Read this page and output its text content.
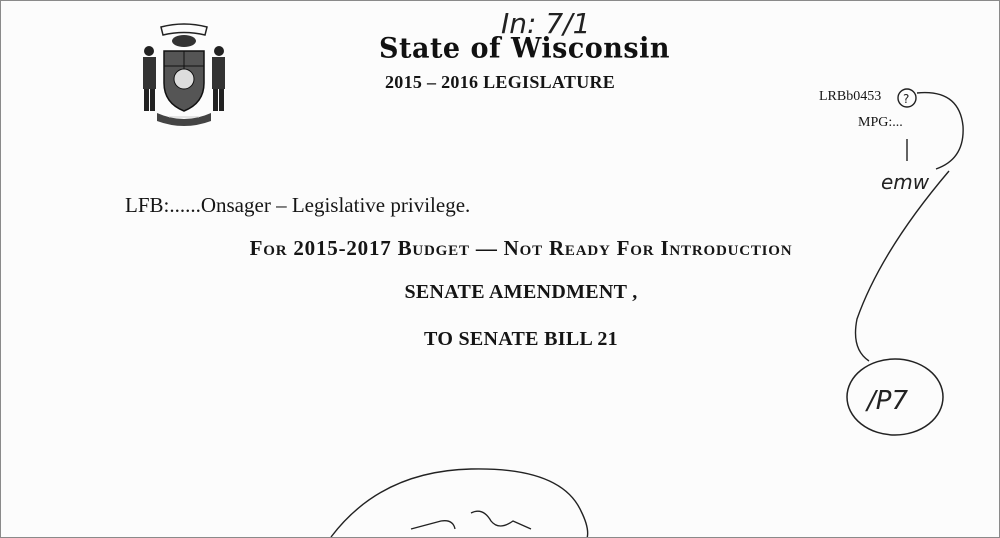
State of Wisconsin
2015 – 2016 LEGISLATURE
LRBb0453
MPG:...
LFB:......Onsager – Legislative privilege.
For 2015-2017 Budget — Not Ready For Introduction
SENATE AMENDMENT ,
TO SENATE BILL 21
In: 7/1
?
emw
/P7
